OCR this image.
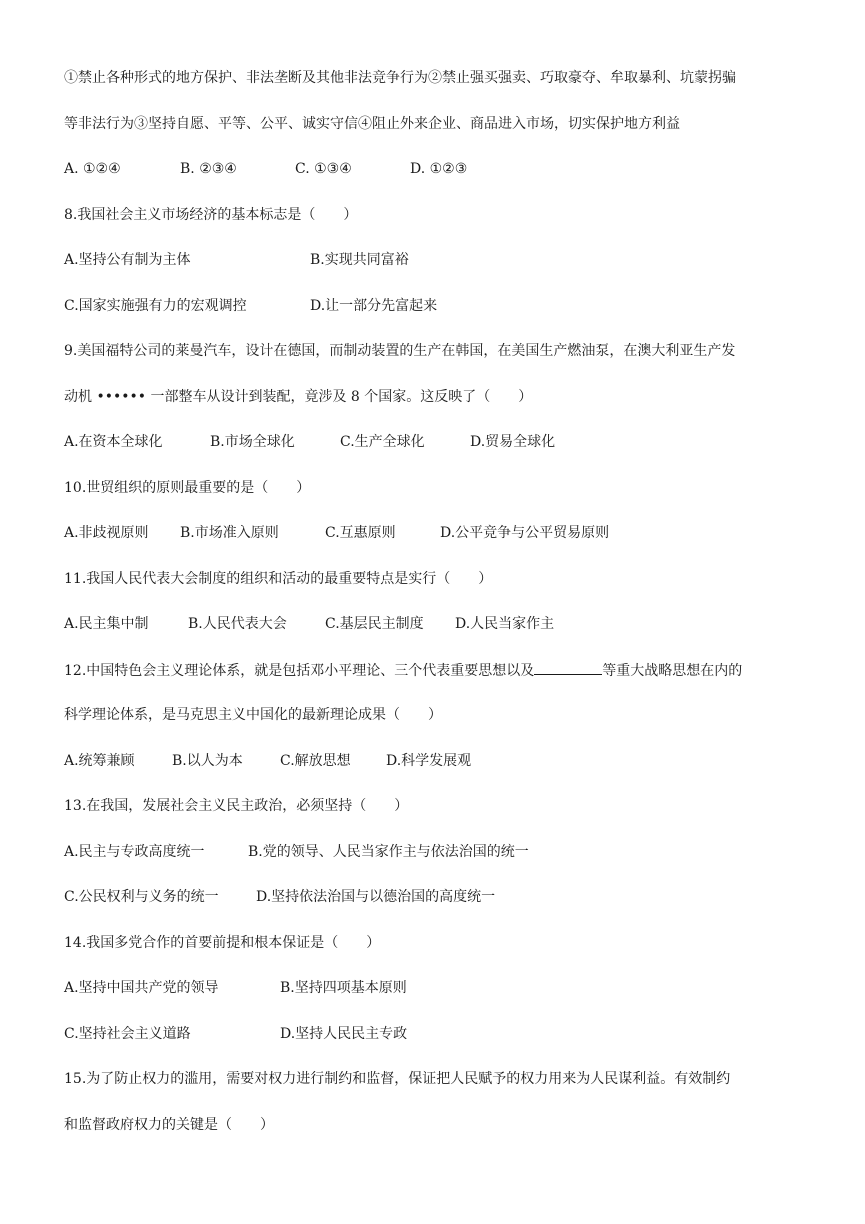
①禁止各种形式的地方保护、非法垄断及其他非法竞争行为②禁止强买强卖、巧取豪夺、牟取暴利、坑蒙拐骗
等非法行为③坚持自愿、平等、公平、诚实守信④阻止外来企业、商品进入市场，切实保护地方利益
A. ①②④	B. ②③④	C. ①③④	D. ①②③
8.我国社会主义市场经济的基本标志是（　　）
A.坚持公有制为主体	B.实现共同富裕
C.国家实施强有力的宏观调控	D.让一部分先富起来
9.美国福特公司的莱曼汽车，设计在德国，而制动装置的生产在韩国，在美国生产燃油泵，在澳大利亚生产发
动机 •••••• 一部整车从设计到装配，竟涉及 8 个国家。这反映了（　　）
A.在资本全球化	B.市场全球化	C.生产全球化	D.贸易全球化
10.世贸组织的原则最重要的是（　　）
A.非歧视原则 B.市场准入原则	C.互惠原则	D.公平竞争与公平贸易原则
11.我国人民代表大会制度的组织和活动的最重要特点是实行（　　）
A.民主集中制	B.人民代表大会	C.基层民主制度 D.人民当家作主
12.中国特色会主义理论体系，就是包括邓小平理论、三个代表重要思想以及	等重大战略思想在内的
科学理论体系，是马克思主义中国化的最新理论成果（　　）
A.统筹兼顾	B.以人为本	C.解放思想	D.科学发展观
13.在我国，发展社会主义民主政治，必须坚持（　　）
A.民主与专政高度统一	B.党的领导、人民当家作主与依法治国的统一
C.公民权利与义务的统一	D.坚持依法治国与以德治国的高度统一
14.我国多党合作的首要前提和根本保证是（　　）
A.坚持中国共产党的领导	B.坚持四项基本原则
C.坚持社会主义道路	D.坚持人民民主专政
15.为了防止权力的滥用，需要对权力进行制约和监督，保证把人民赋予的权力用来为人民谋利益。有效制约
和监督政府权力的关键是（　　）
